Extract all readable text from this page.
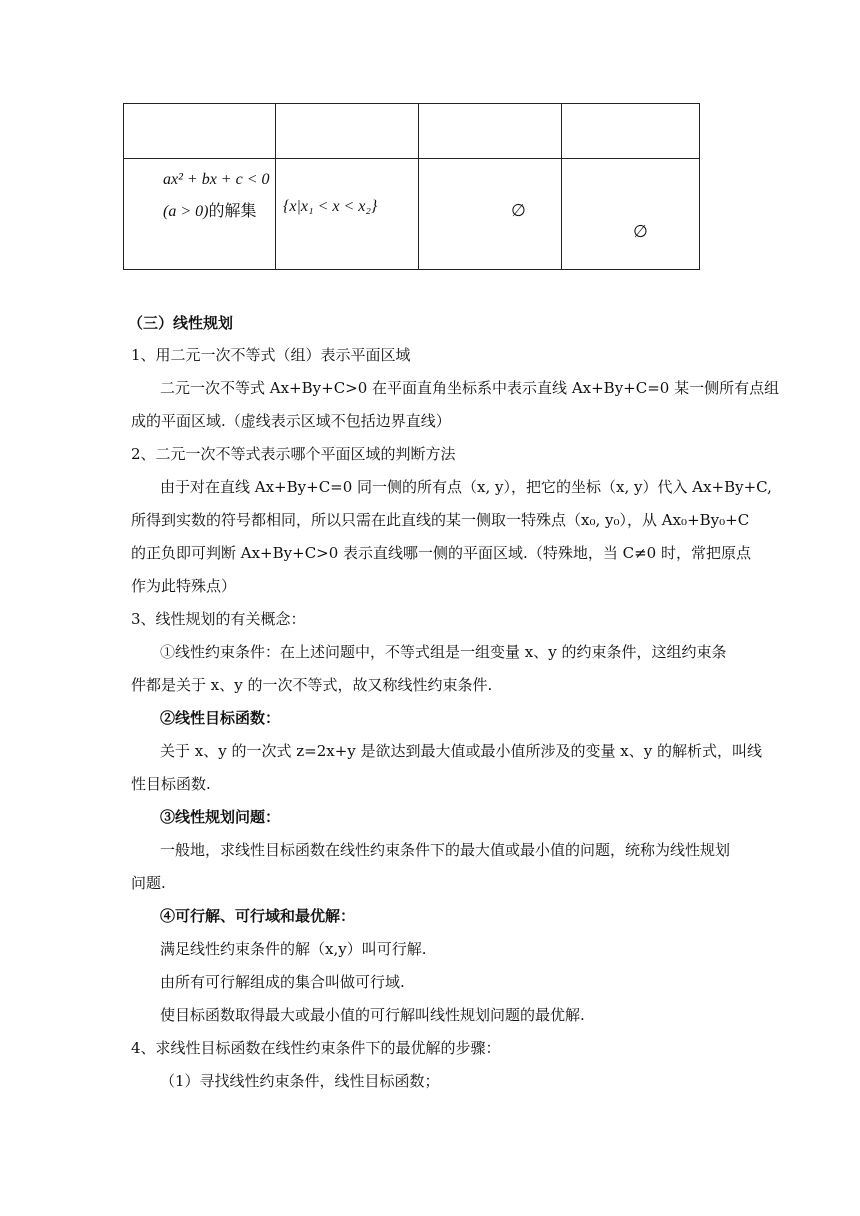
ax² + bx + c < 0
(a > 0)的解集 {x|x₁ < x < x₂}	∅
∅
（三）线性规划
1、用二元一次不等式（组）表示平面区域
二元一次不等式 Ax+By+C>0 在平面直角坐标系中表示直线 Ax+By+C=0 某一侧所有点组
成的平面区域.（虚线表示区域不包括边界直线）
2、二元一次不等式表示哪个平面区域的判断方法
由于对在直线 Ax+By+C=0 同一侧的所有点（x, y），把它的坐标（x, y）代入 Ax+By+C,
所得到实数的符号都相同，所以只需在此直线的某一侧取一特殊点（x₀, y₀），从 Ax₀+By₀+C
的正负即可判断 Ax+By+C>0 表示直线哪一侧的平面区域.（特殊地，当 C≠0 时，常把原点
作为此特殊点）
3、线性规划的有关概念：
①线性约束条件：在上述问题中，不等式组是一组变量 x、y 的约束条件，这组约束条
件都是关于 x、y 的一次不等式，故又称线性约束条件.
②线性目标函数：
关于 x、y 的一次式 z=2x+y 是欲达到最大值或最小值所涉及的变量 x、y 的解析式，叫线
性目标函数.
③线性规划问题：
一般地，求线性目标函数在线性约束条件下的最大值或最小值的问题，统称为线性规划
问题.
④可行解、可行域和最优解：
满足线性约束条件的解（x,y）叫可行解.
由所有可行解组成的集合叫做可行域.
使目标函数取得最大或最小值的可行解叫线性规划问题的最优解.
4、求线性目标函数在线性约束条件下的最优解的步骤：
（1）寻找线性约束条件，线性目标函数；
